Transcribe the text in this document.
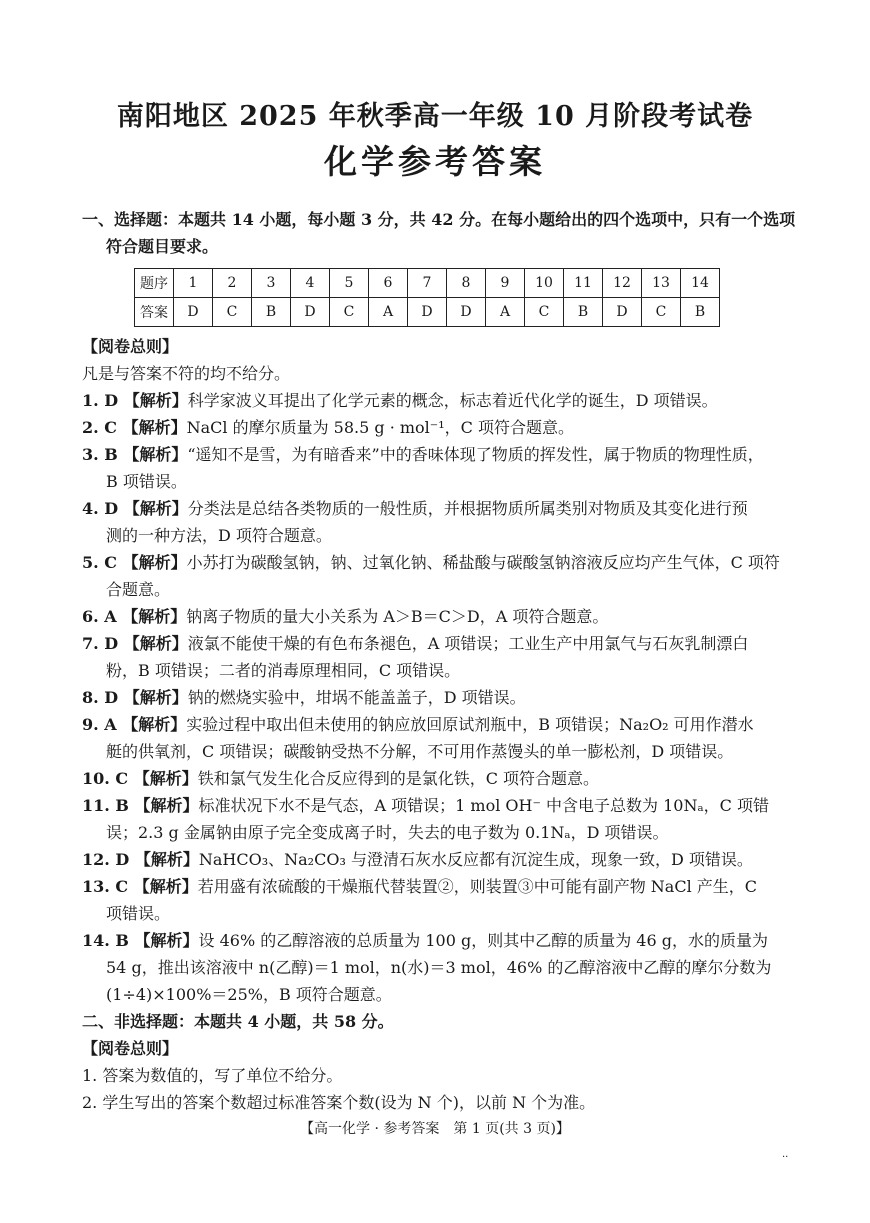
南阳地区 2025 年秋季高一年级 10 月阶段考试卷
化学参考答案
一、选择题：本题共 14 小题，每小题 3 分，共 42 分。在每小题给出的四个选项中，只有一个选项
符合题目要求。
题序	1	2	3	4	5	6	7	8	9	10	11	12	13	14
答案	D	C	B	D	C	A	D	D	A	C	B	D	C	B
【阅卷总则】
凡是与答案不符的均不给分。
1. D 【解析】科学家波义耳提出了化学元素的概念，标志着近代化学的诞生，D 项错误。
2. C 【解析】NaCl 的摩尔质量为 58.5 g · mol⁻¹，C 项符合题意。
3. B 【解析】“遥知不是雪，为有暗香来”中的香味体现了物质的挥发性，属于物质的物理性质，
B 项错误。
4. D 【解析】分类法是总结各类物质的一般性质，并根据物质所属类别对物质及其变化进行预
测的一种方法，D 项符合题意。
5. C 【解析】小苏打为碳酸氢钠，钠、过氧化钠、稀盐酸与碳酸氢钠溶液反应均产生气体，C 项符
合题意。
6. A 【解析】钠离子物质的量大小关系为 A＞B＝C＞D，A 项符合题意。
7. D 【解析】液氯不能使干燥的有色布条褪色，A 项错误；工业生产中用氯气与石灰乳制漂白
粉，B 项错误；二者的消毒原理相同，C 项错误。
8. D 【解析】钠的燃烧实验中，坩埚不能盖盖子，D 项错误。
9. A 【解析】实验过程中取出但未使用的钠应放回原试剂瓶中，B 项错误；Na₂O₂ 可用作潜水
艇的供氧剂，C 项错误；碳酸钠受热不分解，不可用作蒸馒头的单一膨松剂，D 项错误。
10. C 【解析】铁和氯气发生化合反应得到的是氯化铁，C 项符合题意。
11. B 【解析】标准状况下水不是气态，A 项错误；1 mol OH⁻ 中含电子总数为 10Nₐ，C 项错
误；2.3 g 金属钠由原子完全变成离子时，失去的电子数为 0.1Nₐ，D 项错误。
12. D 【解析】NaHCO₃、Na₂CO₃ 与澄清石灰水反应都有沉淀生成，现象一致，D 项错误。
13. C 【解析】若用盛有浓硫酸的干燥瓶代替装置②，则装置③中可能有副产物 NaCl 产生，C
项错误。
14. B 【解析】设 46% 的乙醇溶液的总质量为 100 g，则其中乙醇的质量为 46 g，水的质量为
54 g，推出该溶液中 n(乙醇)＝1 mol，n(水)＝3 mol，46% 的乙醇溶液中乙醇的摩尔分数为
(1÷4)×100%＝25%，B 项符合题意。
二、非选择题：本题共 4 小题，共 58 分。
【阅卷总则】
1. 答案为数值的，写了单位不给分。
2. 学生写出的答案个数超过标准答案个数(设为 N 个)，以前 N 个为准。
【高一化学 · 参考答案　第 1 页(共 3 页)】
··
